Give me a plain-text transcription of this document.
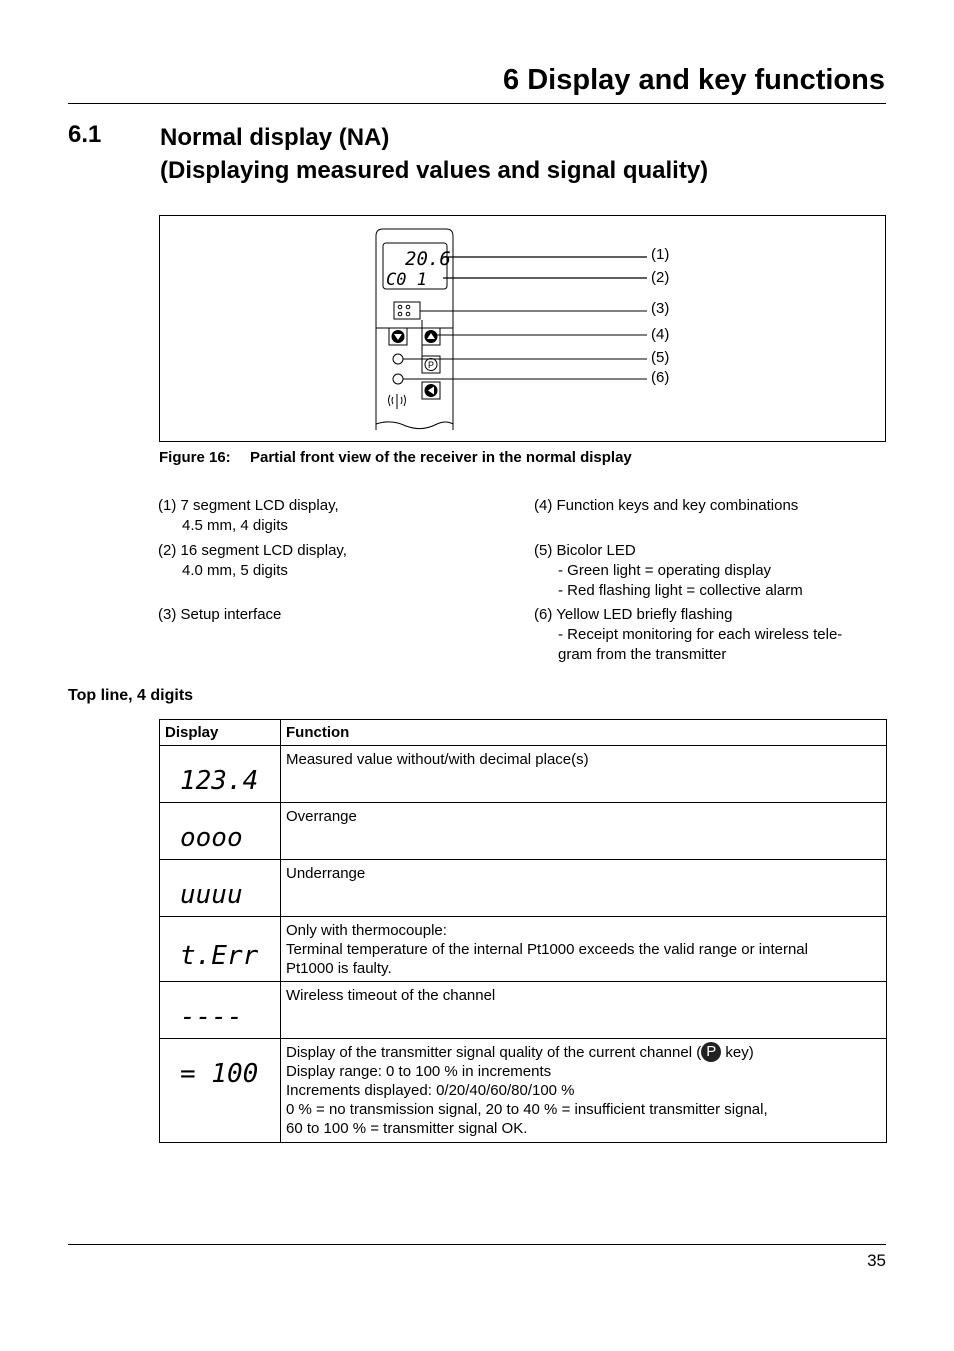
6 Display and key functions
6.1 Normal display (NA)
(Displaying measured values and signal quality)
20.6
C0 1
P
(1)
(2)
(3)
(4)
(5)
(6)
Figure 16: Partial front view of the receiver in the normal display
(1) 7 segment LCD display,
4.5 mm, 4 digits
(2) 16 segment LCD display,
4.0 mm, 5 digits
(3) Setup interface
(4) Function keys and key combinations
(5) Bicolor LED
- Green light = operating display
- Red flashing light = collective alarm
(6) Yellow LED briefly flashing
- Receipt monitoring for each wireless tele-
gram from the transmitter
Top line, 4 digits
Display	Function

123.4	Measured value without/with decimal place(s)

oooo	Overrange

uuuu	Underrange

t.Err	Only with thermocouple:
Terminal temperature of the internal Pt1000 exceeds the valid range or internal
Pt1000 is faulty.

----	Wireless timeout of the channel

= 100	Display of the transmitter signal quality of the current channel ( P key)
Display range: 0 to 100 % in increments
Increments displayed: 0/20/40/60/80/100 %
0 % = no transmission signal, 20 to 40 % = insufficient transmitter signal,
60 to 100 % = transmitter signal OK.
35
